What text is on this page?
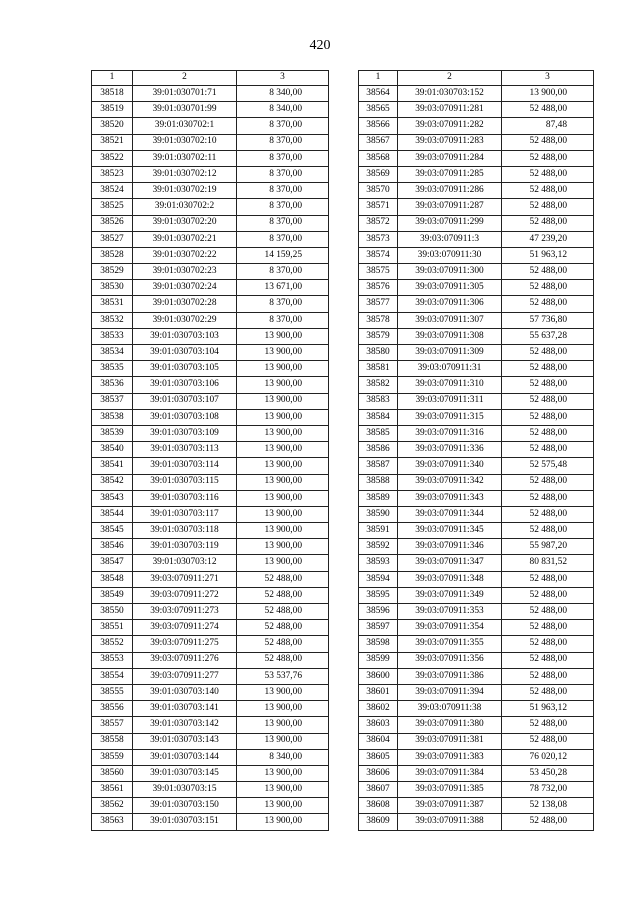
420
1	2	3
38518	39:01:030701:71	8 340,00
38519	39:01:030701:99	8 340,00
38520	39:01:030702:1	8 370,00
38521	39:01:030702:10	8 370,00
38522	39:01:030702:11	8 370,00
38523	39:01:030702:12	8 370,00
38524	39:01:030702:19	8 370,00
38525	39:01:030702:2	8 370,00
38526	39:01:030702:20	8 370,00
38527	39:01:030702:21	8 370,00
38528	39:01:030702:22	14 159,25
38529	39:01:030702:23	8 370,00
38530	39:01:030702:24	13 671,00
38531	39:01:030702:28	8 370,00
38532	39:01:030702:29	8 370,00
38533	39:01:030703:103	13 900,00
38534	39:01:030703:104	13 900,00
38535	39:01:030703:105	13 900,00
38536	39:01:030703:106	13 900,00
38537	39:01:030703:107	13 900,00
38538	39:01:030703:108	13 900,00
38539	39:01:030703:109	13 900,00
38540	39:01:030703:113	13 900,00
38541	39:01:030703:114	13 900,00
38542	39:01:030703:115	13 900,00
38543	39:01:030703:116	13 900,00
38544	39:01:030703:117	13 900,00
38545	39:01:030703:118	13 900,00
38546	39:01:030703:119	13 900,00
38547	39:01:030703:12	13 900,00
38548	39:03:070911:271	52 488,00
38549	39:03:070911:272	52 488,00
38550	39:03:070911:273	52 488,00
38551	39:03:070911:274	52 488,00
38552	39:03:070911:275	52 488,00
38553	39:03:070911:276	52 488,00
38554	39:03:070911:277	53 537,76
38555	39:01:030703:140	13 900,00
38556	39:01:030703:141	13 900,00
38557	39:01:030703:142	13 900,00
38558	39:01:030703:143	13 900,00
38559	39:01:030703:144	8 340,00
38560	39:01:030703:145	13 900,00
38561	39:01:030703:15	13 900,00
38562	39:01:030703:150	13 900,00
38563	39:01:030703:151	13 900,00
1	2	3
38564	39:01:030703:152	13 900,00
38565	39:03:070911:281	52 488,00
38566	39:03:070911:282	87,48
38567	39:03:070911:283	52 488,00
38568	39:03:070911:284	52 488,00
38569	39:03:070911:285	52 488,00
38570	39:03:070911:286	52 488,00
38571	39:03:070911:287	52 488,00
38572	39:03:070911:299	52 488,00
38573	39:03:070911:3	47 239,20
38574	39:03:070911:30	51 963,12
38575	39:03:070911:300	52 488,00
38576	39:03:070911:305	52 488,00
38577	39:03:070911:306	52 488,00
38578	39:03:070911:307	57 736,80
38579	39:03:070911:308	55 637,28
38580	39:03:070911:309	52 488,00
38581	39:03:070911:31	52 488,00
38582	39:03:070911:310	52 488,00
38583	39:03:070911:311	52 488,00
38584	39:03:070911:315	52 488,00
38585	39:03:070911:316	52 488,00
38586	39:03:070911:336	52 488,00
38587	39:03:070911:340	52 575,48
38588	39:03:070911:342	52 488,00
38589	39:03:070911:343	52 488,00
38590	39:03:070911:344	52 488,00
38591	39:03:070911:345	52 488,00
38592	39:03:070911:346	55 987,20
38593	39:03:070911:347	80 831,52
38594	39:03:070911:348	52 488,00
38595	39:03:070911:349	52 488,00
38596	39:03:070911:353	52 488,00
38597	39:03:070911:354	52 488,00
38598	39:03:070911:355	52 488,00
38599	39:03:070911:356	52 488,00
38600	39:03:070911:386	52 488,00
38601	39:03:070911:394	52 488,00
38602	39:03:070911:38	51 963,12
38603	39:03:070911:380	52 488,00
38604	39:03:070911:381	52 488,00
38605	39:03:070911:383	76 020,12
38606	39:03:070911:384	53 450,28
38607	39:03:070911:385	78 732,00
38608	39:03:070911:387	52 138,08
38609	39:03:070911:388	52 488,00
